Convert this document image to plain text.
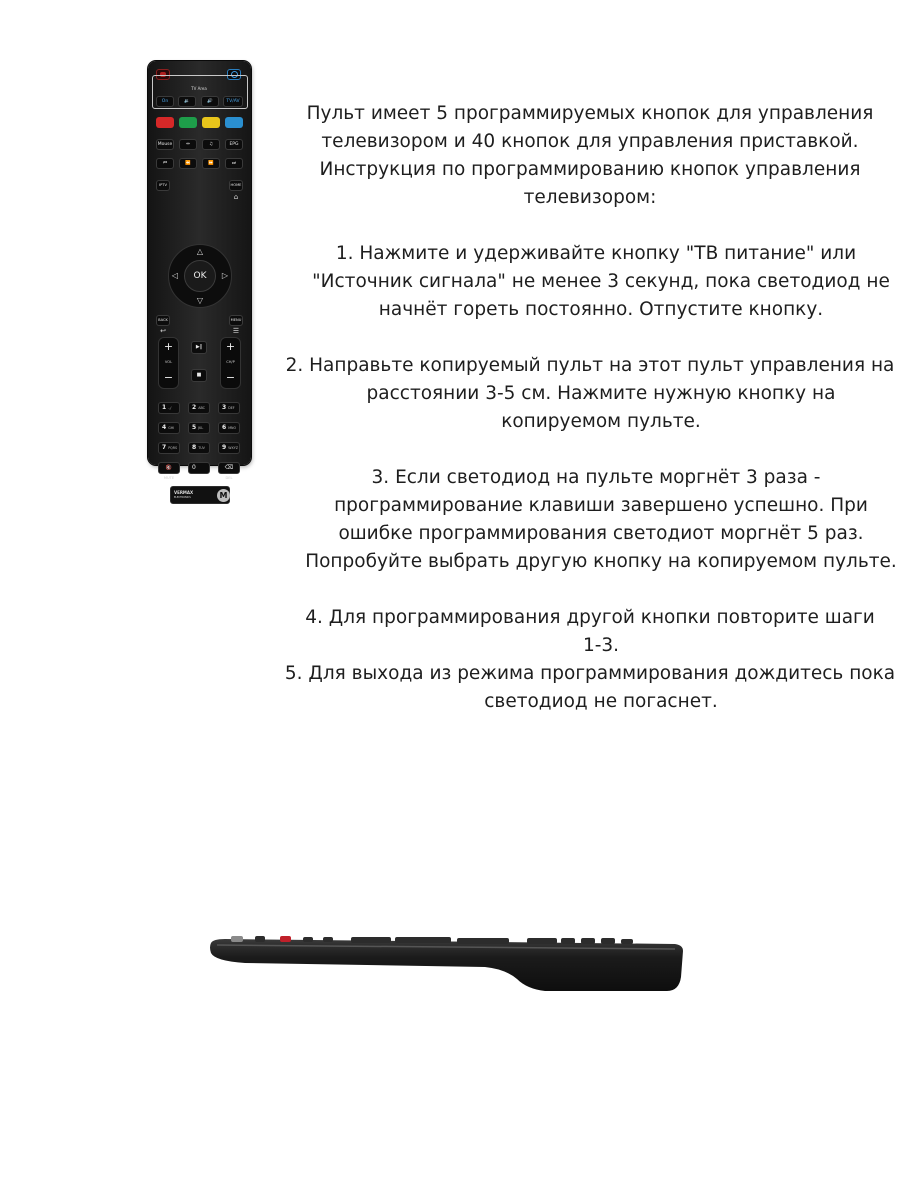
TV Area
On	🔉	🔊	TV/AV
Mouse	⇔	♫	EPG
⏮	⏪	⏩	⏭
IPTV	HOME
⌂
△
▽
◁	▷
OK
BACK
↩
MENU
☰
+
−
VOL
+
−
CH/P
▶‖
■
1 .,/	2 ABC	3 DEF
4 GHI	5 JKL	6 MNO
7 PQRS	8 TUV	9 WXYZ
🔇	0	⌫
MUTE	DEL
VERMAX
ELECTRONICS	M

Пульт имеет 5 программируемых кнопок для управления

телевизором и 40 кнопок для управления приставкой.

Инструкция по программированию кнопок управления

телевизором:

1. Нажмите и удерживайте кнопку "ТВ питание" или

"Источник сигнала" не менее 3 секунд, пока светодиод не

начнёт гореть постоянно. Отпустите кнопку.

2. Направьте копируемый пульт на этот пульт управления на

расстоянии 3-5 см. Нажмите нужную кнопку на

копируемом пульте.

3. Если светодиод на пульте моргнёт 3 раза -

программирование клавиши завершено успешно. При

ошибке программирования светодиот моргнёт 5 раз.

Попробуйте выбрать другую кнопку на копируемом пульте.

4. Для программирования другой кнопки повторите шаги

1-3.

5. Для выхода из режима программирования дождитесь пока

светодиод не погаснет.
